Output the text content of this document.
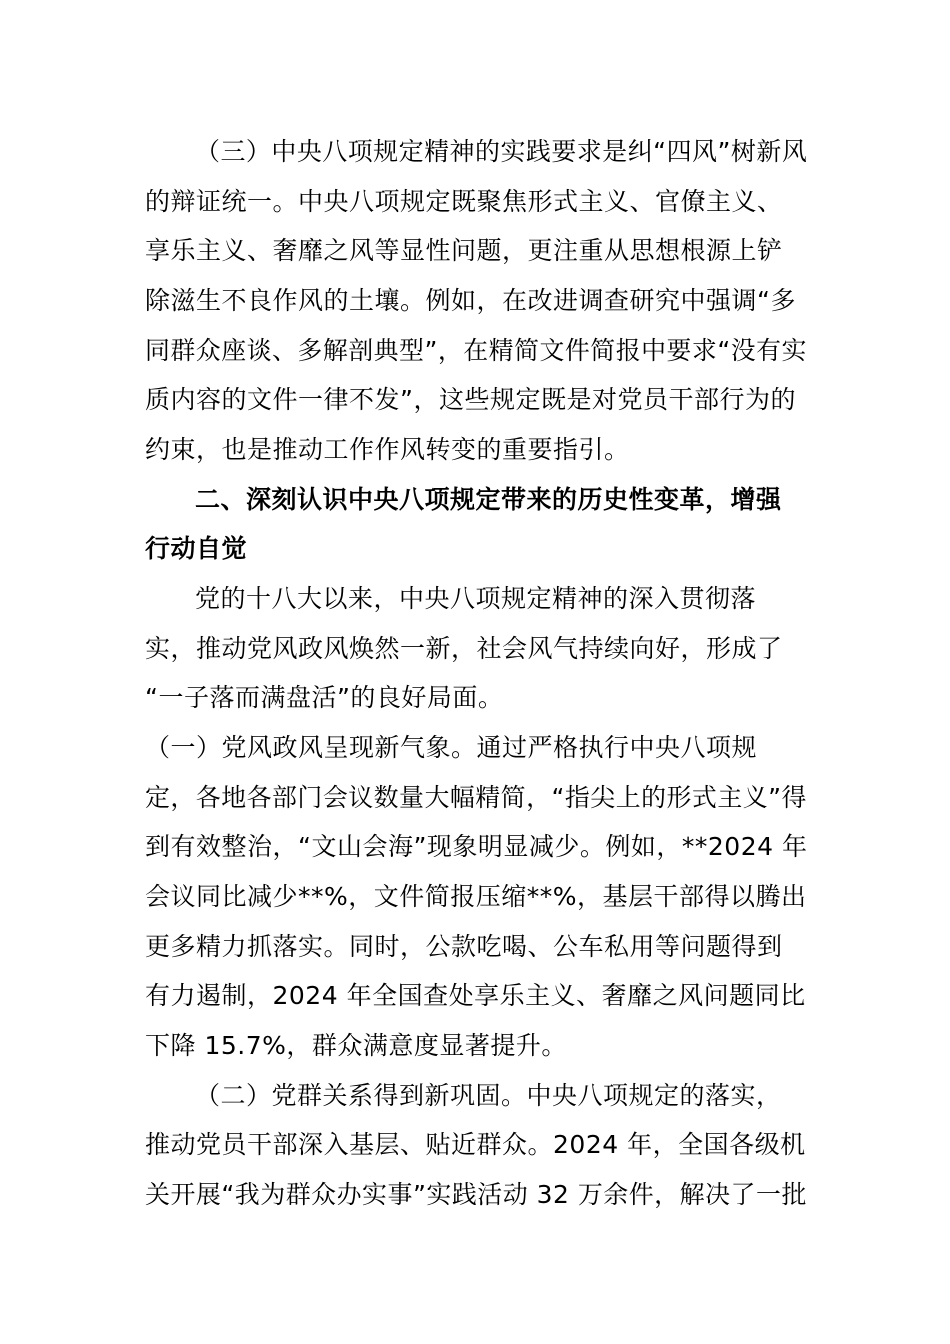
（三）中央八项规定精神的实践要求是纠“四风”树新风
的辩证统一。中央八项规定既聚焦形式主义、官僚主义、
享乐主义、奢靡之风等显性问题，更注重从思想根源上铲
除滋生不良作风的土壤。例如，在改进调查研究中强调“多
同群众座谈、多解剖典型”，在精简文件简报中要求“没有实
质内容的文件一律不发”，这些规定既是对党员干部行为的
约束，也是推动工作作风转变的重要指引。
二、深刻认识中央八项规定带来的历史性变革，增强
行动自觉
党的十八大以来，中央八项规定精神的深入贯彻落
实，推动党风政风焕然一新，社会风气持续向好，形成了
“一子落而满盘活”的良好局面。
（一）党风政风呈现新气象。通过严格执行中央八项规
定，各地各部门会议数量大幅精简，“指尖上的形式主义”得
到有效整治，“文山会海”现象明显减少。例如，**2024 年
会议同比减少**%，文件简报压缩**%，基层干部得以腾出
更多精力抓落实。同时，公款吃喝、公车私用等问题得到
有力遏制，2024 年全国查处享乐主义、奢靡之风问题同比
下降 15.7%，群众满意度显著提升。
（二）党群关系得到新巩固。中央八项规定的落实，
推动党员干部深入基层、贴近群众。2024 年，全国各级机
关开展“我为群众办实事”实践活动 32 万余件，解决了一批
